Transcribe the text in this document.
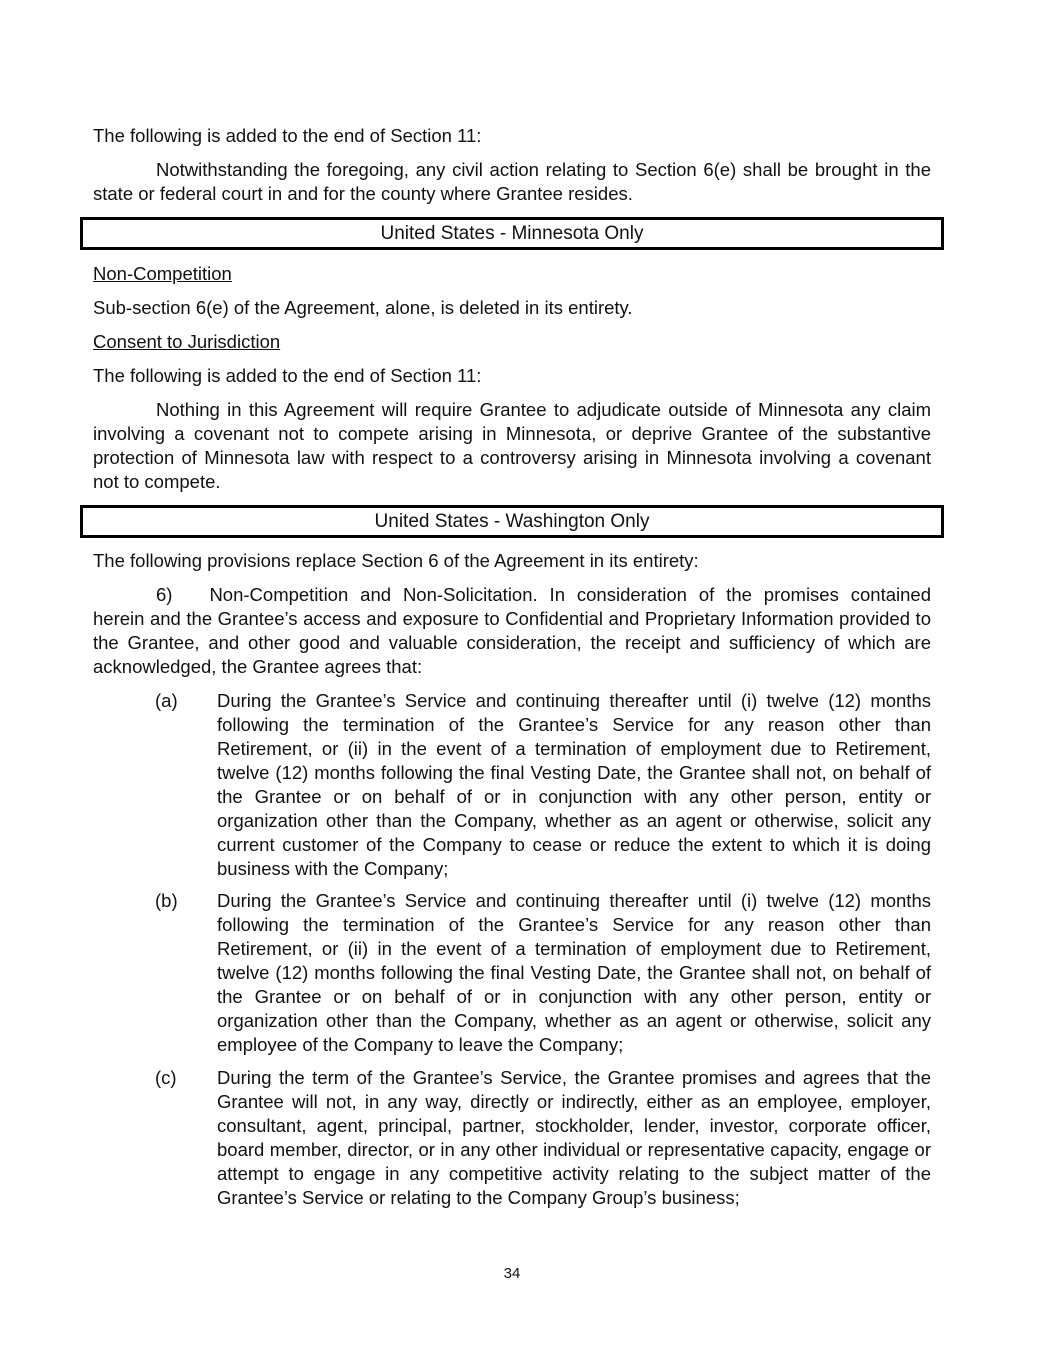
The following is added to the end of Section 11:

Notwithstanding the foregoing, any civil action relating to Section 6(e) shall be brought in the state or federal court in and for the county where Grantee resides.

United States - Minnesota Only

Non-Competition

Sub-section 6(e) of the Agreement, alone, is deleted in its entirety.

Consent to Jurisdiction

The following is added to the end of Section 11:

Nothing in this Agreement will require Grantee to adjudicate outside of Minnesota any claim involving a covenant not to compete arising in Minnesota, or deprive Grantee of the substantive protection of Minnesota law with respect to a controversy arising in Minnesota involving a covenant not to compete.

United States - Washington Only

The following provisions replace Section 6 of the Agreement in its entirety:

6)  Non-Competition and Non-Solicitation. In consideration of the promises contained herein and the Grantee’s access and exposure to Confidential and Proprietary Information provided to the Grantee, and other good and valuable consideration, the receipt and sufficiency of which are acknowledged, the Grantee agrees that:

(a) During the Grantee’s Service and continuing thereafter until (i) twelve (12) months following the termination of the Grantee’s Service for any reason other than Retirement, or (ii) in the event of a termination of employment due to Retirement, twelve (12) months following the final Vesting Date, the Grantee shall not, on behalf of the Grantee or on behalf of or in conjunction with any other person, entity or organization other than the Company, whether as an agent or otherwise, solicit any current customer of the Company to cease or reduce the extent to which it is doing business with the Company;
(b) During the Grantee’s Service and continuing thereafter until (i) twelve (12) months following the termination of the Grantee’s Service for any reason other than Retirement, or (ii) in the event of a termination of employment due to Retirement, twelve (12) months following the final Vesting Date, the Grantee shall not, on behalf of the Grantee or on behalf of or in conjunction with any other person, entity or organization other than the Company, whether as an agent or otherwise, solicit any employee of the Company to leave the Company;
(c) During the term of the Grantee’s Service, the Grantee promises and agrees that the Grantee will not, in any way, directly or indirectly, either as an employee, employer, consultant, agent, principal, partner, stockholder, lender, investor, corporate officer, board member, director, or in any other individual or representative capacity, engage or attempt to engage in any competitive activity relating to the subject matter of the Grantee’s Service or relating to the Company Group’s business;
34
